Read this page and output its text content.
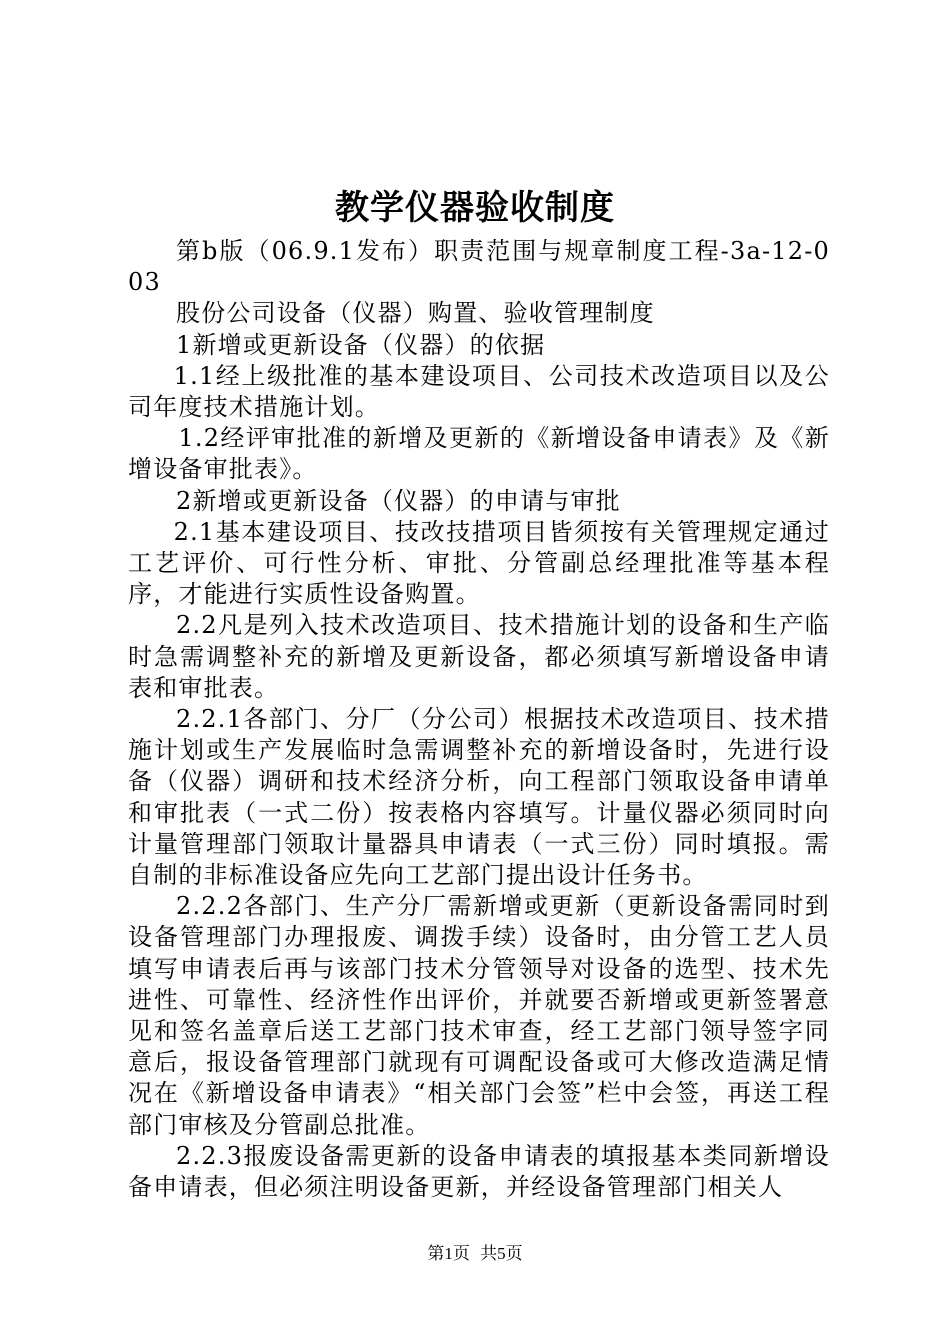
教学仪器验收制度

第b版（06.9.1发布）职责范围与规章制度工程-3a-12-003

股份公司设备（仪器）购置、验收管理制度

1新增或更新设备（仪器）的依据

1.1经上级批准的基本建设项目、公司技术改造项目以及公司年度技术措施计划。

1.2经评审批准的新增及更新的《新增设备申请表》及《新增设备审批表》。

2新增或更新设备（仪器）的申请与审批

2.1基本建设项目、技改技措项目皆须按有关管理规定通过工艺评价、可行性分析、审批、分管副总经理批准等基本程序，才能进行实质性设备购置。

2.2凡是列入技术改造项目、技术措施计划的设备和生产临时急需调整补充的新增及更新设备，都必须填写新增设备申请表和审批表。

2.2.1各部门、分厂（分公司）根据技术改造项目、技术措施计划或生产发展临时急需调整补充的新增设备时，先进行设备（仪器）调研和技术经济分析，向工程部门领取设备申请单和审批表（一式二份）按表格内容填写。计量仪器必须同时向计量管理部门领取计量器具申请表（一式三份）同时填报。需自制的非标准设备应先向工艺部门提出设计任务书。

2.2.2各部门、生产分厂需新增或更新（更新设备需同时到设备管理部门办理报废、调拨手续）设备时，由分管工艺人员填写申请表后再与该部门技术分管领导对设备的选型、技术先进性、可靠性、经济性作出评价，并就要否新增或更新签署意见和签名盖章后送工艺部门技术审查，经工艺部门领导签字同意后，报设备管理部门就现有可调配设备或可大修改造满足情况在《新增设备申请表》“相关部门会签”栏中会签，再送工程部门审核及分管副总批准。

2.2.3报废设备需更新的设备申请表的填报基本类同新增设备申请表，但必须注明设备更新，并经设备管理部门相关人

第1页 共5页
